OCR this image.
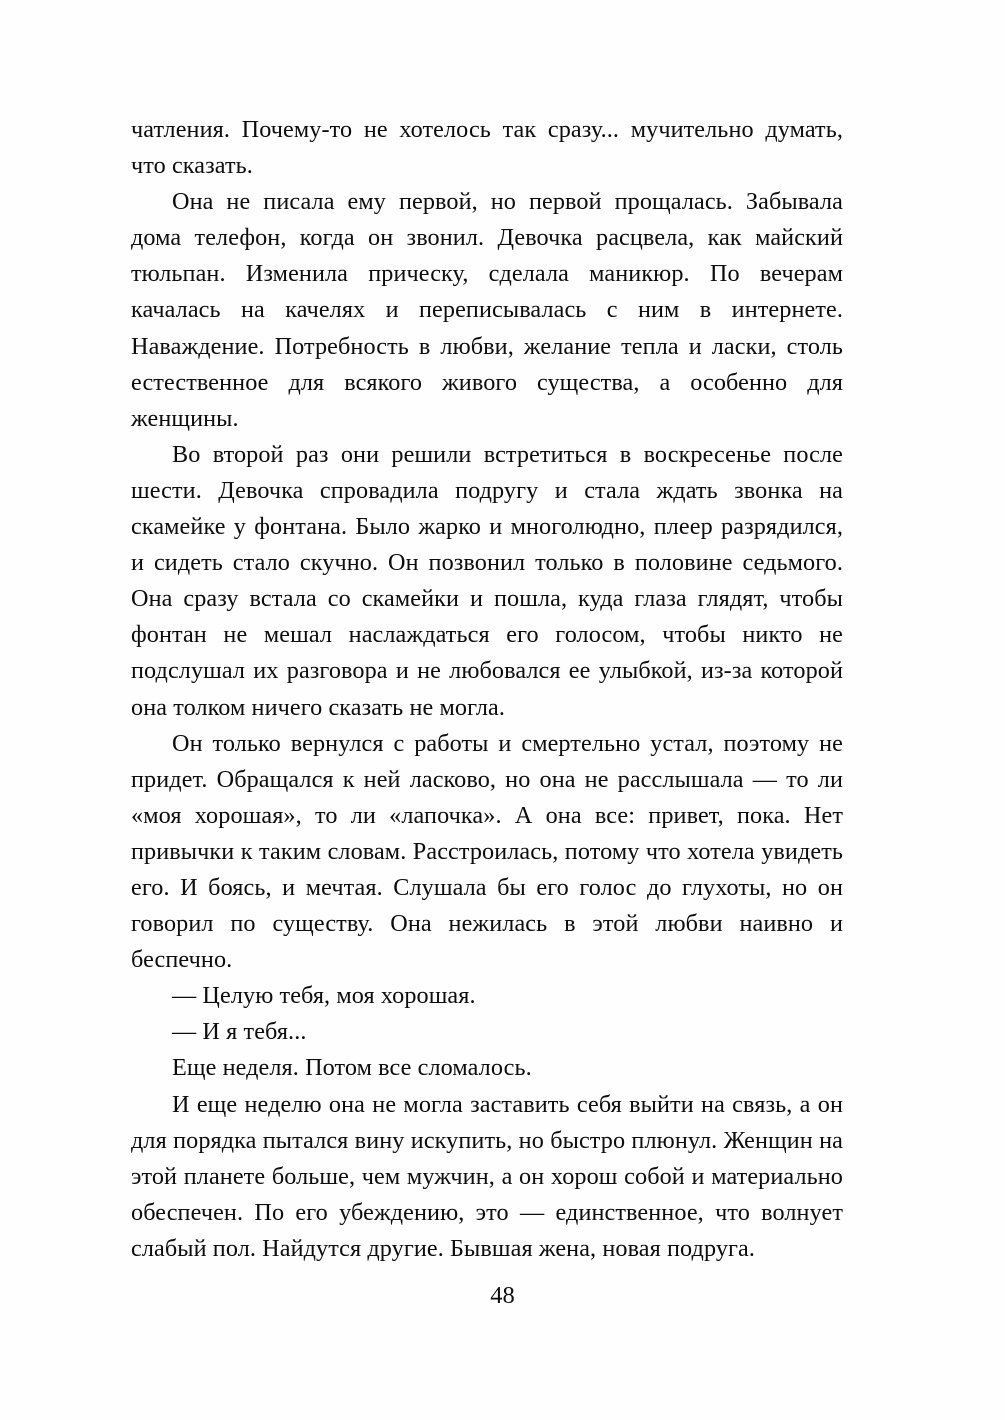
чатления. Почему-то не хотелось так сразу... мучительно думать, что сказать.

Она не писала ему первой, но первой прощалась. Забывала дома телефон, когда он звонил. Девочка расцвела, как майский тюльпан. Изменила прическу, сделала маникюр. По вечерам качалась на качелях и переписывалась с ним в интернете. Наваждение. Потребность в любви, желание тепла и ласки, столь естественное для всякого живого существа, а особенно для женщины.

Во второй раз они решили встретиться в воскресенье после шести. Девочка спровадила подругу и стала ждать звонка на скамейке у фонтана. Было жарко и многолюдно, плеер разрядился, и сидеть стало скучно. Он позвонил только в половине седьмого. Она сразу встала со скамейки и пошла, куда глаза глядят, чтобы фонтан не мешал наслаждаться его голосом, чтобы никто не подслушал их разговора и не любовался ее улыбкой, из-за которой она толком ничего сказать не могла.

Он только вернулся с работы и смертельно устал, поэтому не придет. Обращался к ней ласково, но она не расслышала — то ли «моя хорошая», то ли «лапочка». А она все: привет, пока. Нет привычки к таким словам. Расстроилась, потому что хотела увидеть его. И боясь, и мечтая. Слушала бы его голос до глухоты, но он говорил по существу. Она нежилась в этой любви наивно и беспечно.

— Целую тебя, моя хорошая.

— И я тебя...

Еще неделя. Потом все сломалось.

И еще неделю она не могла заставить себя выйти на связь, а он для порядка пытался вину искупить, но быстро плюнул. Женщин на этой планете больше, чем мужчин, а он хорош собой и материально обеспечен. По его убеждению, это — единственное, что волнует слабый пол. Найдутся другие. Бывшая жена, новая подруга.

48
